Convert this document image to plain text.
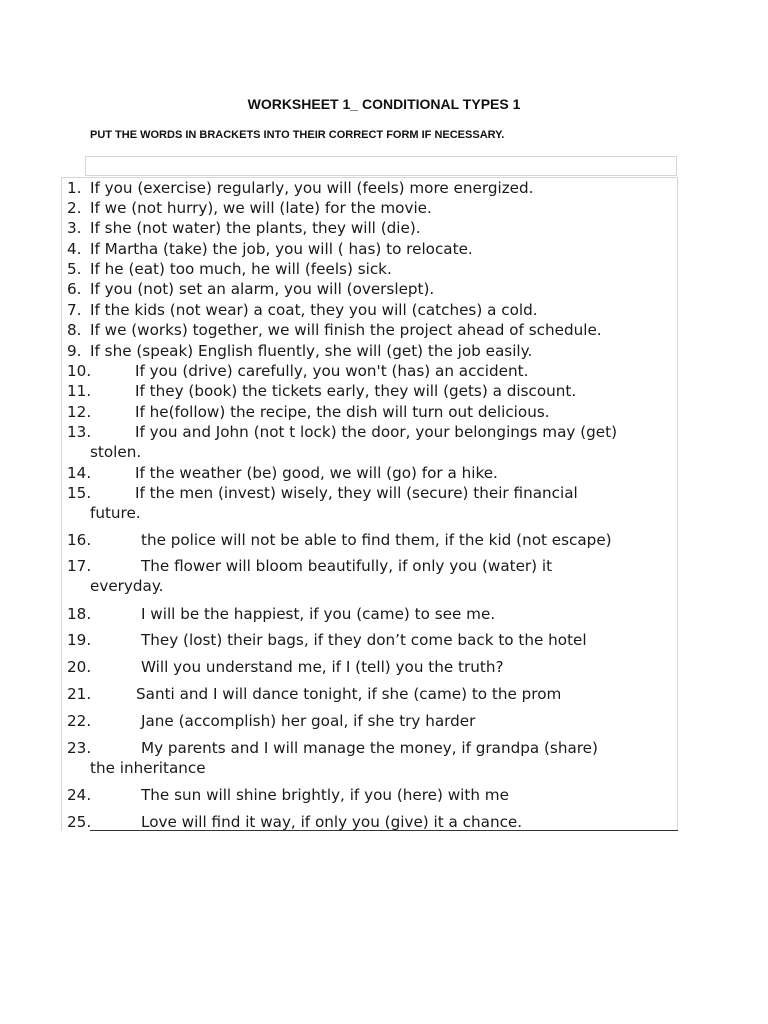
WORKSHEET 1_ CONDITIONAL TYPES 1
PUT THE WORDS IN BRACKETS INTO THEIR CORRECT FORM IF NECESSARY.
1. If you (exercise) regularly, you will (feels) more energized.
2. If we (not hurry), we will (late) for the movie.
3. If she (not water) the plants, they will (die).
4. If Martha (take) the job, you will ( has) to relocate.
5. If he (eat) too much, he will (feels) sick.
6. If you (not) set an alarm, you will (overslept).
7. If the kids (not wear) a coat, they you will (catches) a cold.
8. If we (works) together, we will finish the project ahead of schedule.
9. If she (speak) English fluently, she will (get) the job easily.
10.	If you (drive) carefully, you won't (has) an accident.
11.	If they (book) the tickets early, they will (gets) a discount.
12.	If he(follow) the recipe, the dish will turn out delicious.
13.	If you and John (not t lock) the door, your belongings may (get)
stolen.
14.	If the weather (be) good, we will (go) for a hike.
15.	If the men (invest) wisely, they will (secure) their financial
future.
16.	the police will not be able to find them, if the kid (not escape)
17.	The flower will bloom beautifully, if only you (water) it
everyday.
18.	I will be the happiest, if you (came) to see me.
19.	They (lost) their bags, if they don’t come back to the hotel
20.	Will you understand me, if I (tell) you the truth?
21.	Santi and I will dance tonight, if she (came) to the prom
22.	Jane (accomplish) her goal, if she try harder
23.	My parents and I will manage the money, if grandpa (share)
the inheritance
24.	The sun will shine brightly, if you (here) with me
25.	Love will find it way, if only you (give) it a chance.
